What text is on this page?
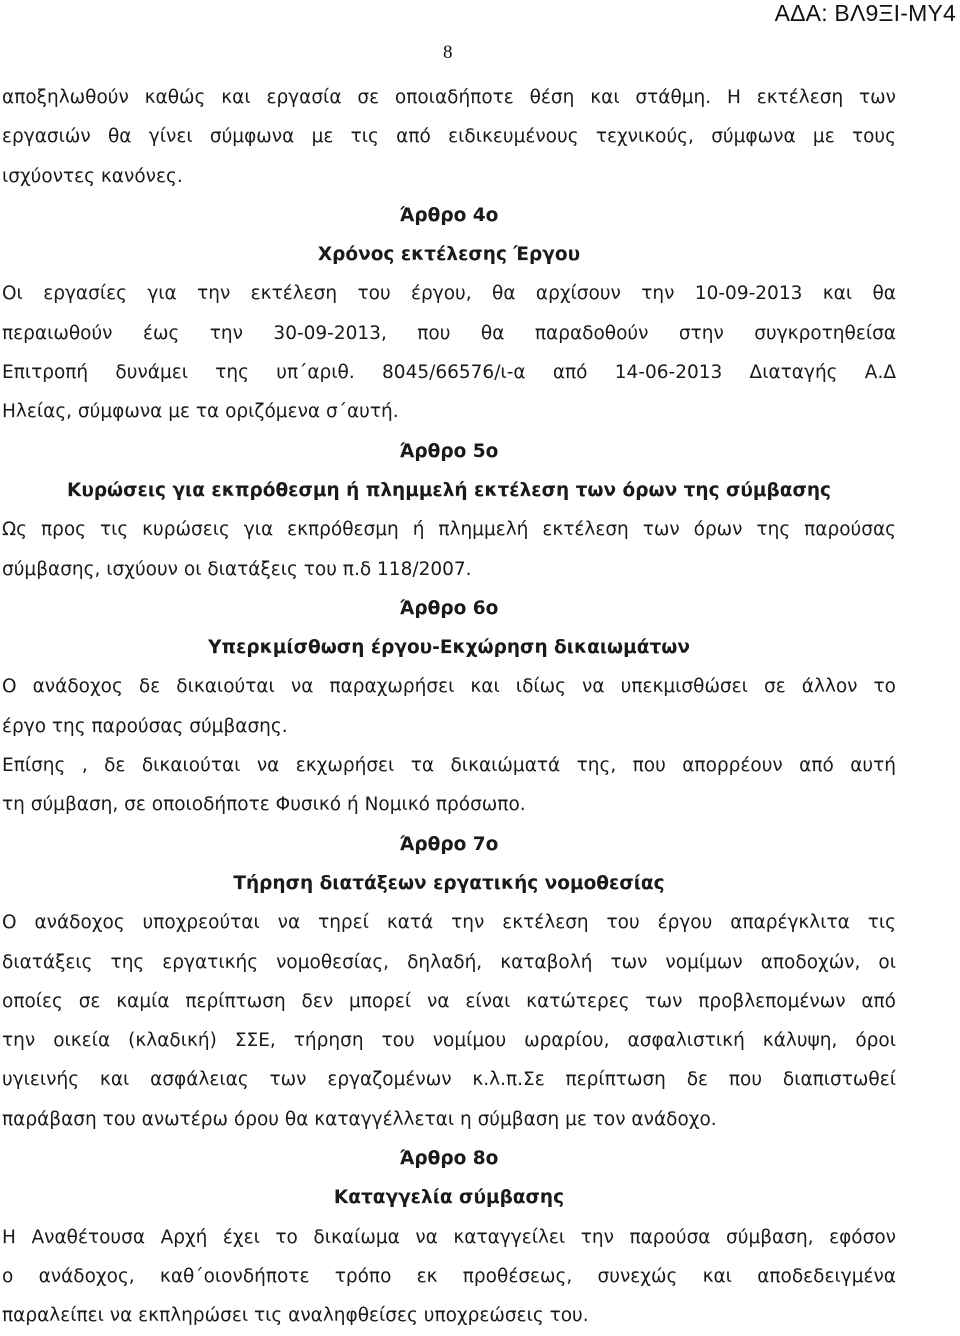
ΑΔΑ: ΒΛ9ΞΙ-ΜΥ4
8
αποξηλωθούν καθώς και εργασία σε οποιαδήποτε θέση και στάθμη. Η εκτέλεση των
εργασιών θα γίνει σύμφωνα με τις από ειδικευμένους τεχνικούς, σύμφωνα με τους
ισχύοντες κανόνες.
Άρθρο 4ο
Χρόνος εκτέλεσης Έργου
Οι εργασίες για την εκτέλεση του έργου, θα αρχίσουν την 10-09-2013 και θα
περαιωθούν έως την 30-09-2013, που θα παραδοθούν στην συγκροτηθείσα
Επιτροπή δυνάμει της υπ΄αριθ. 8045/66576/ι-α από 14-06-2013 Διαταγής Α.Δ
Ηλείας, σύμφωνα με τα οριζόμενα σ΄αυτή.
Άρθρο 5ο
Κυρώσεις για εκπρόθεσμη ή πλημμελή εκτέλεση των όρων της σύμβασης
Ως προς τις κυρώσεις για εκπρόθεσμη ή πλημμελή εκτέλεση των όρων της παρούσας
σύμβασης, ισχύουν οι διατάξεις του π.δ 118/2007.
Άρθρο 6ο
Υπερκμίσθωση έργου-Εκχώρηση δικαιωμάτων
Ο ανάδοχος δε δικαιούται να παραχωρήσει και ιδίως να υπεκμισθώσει σε άλλον το
έργο της παρούσας σύμβασης.
Επίσης , δε δικαιούται να εκχωρήσει τα δικαιώματά της, που απορρέουν από αυτή
τη σύμβαση, σε οποιοδήποτε Φυσικό ή Νομικό πρόσωπο.
Άρθρο 7ο
Τήρηση διατάξεων εργατικής νομοθεσίας
Ο ανάδοχος υποχρεούται να τηρεί κατά την εκτέλεση του έργου απαρέγκλιτα τις
διατάξεις της εργατικής νομοθεσίας, δηλαδή, καταβολή των νομίμων αποδοχών, οι
οποίες σε καμία περίπτωση δεν μπορεί να είναι κατώτερες των προβλεπομένων από
την οικεία (κλαδική) ΣΣΕ, τήρηση του νομίμου ωραρίου, ασφαλιστική κάλυψη, όροι
υγιεινής και ασφάλειας των εργαζομένων κ.λ.π.Σε περίπτωση δε που διαπιστωθεί
παράβαση του ανωτέρω όρου θα καταγγέλλεται η σύμβαση με τον ανάδοχο.
Άρθρο 8ο
Καταγγελία σύμβασης
Η Αναθέτουσα Αρχή έχει το δικαίωμα να καταγγείλει την παρούσα σύμβαση, εφόσον
ο ανάδοχος, καθ΄οιονδήποτε τρόπο εκ προθέσεως, συνεχώς και αποδεδειγμένα
παραλείπει να εκπληρώσει τις αναληφθείσες υποχρεώσεις του.
